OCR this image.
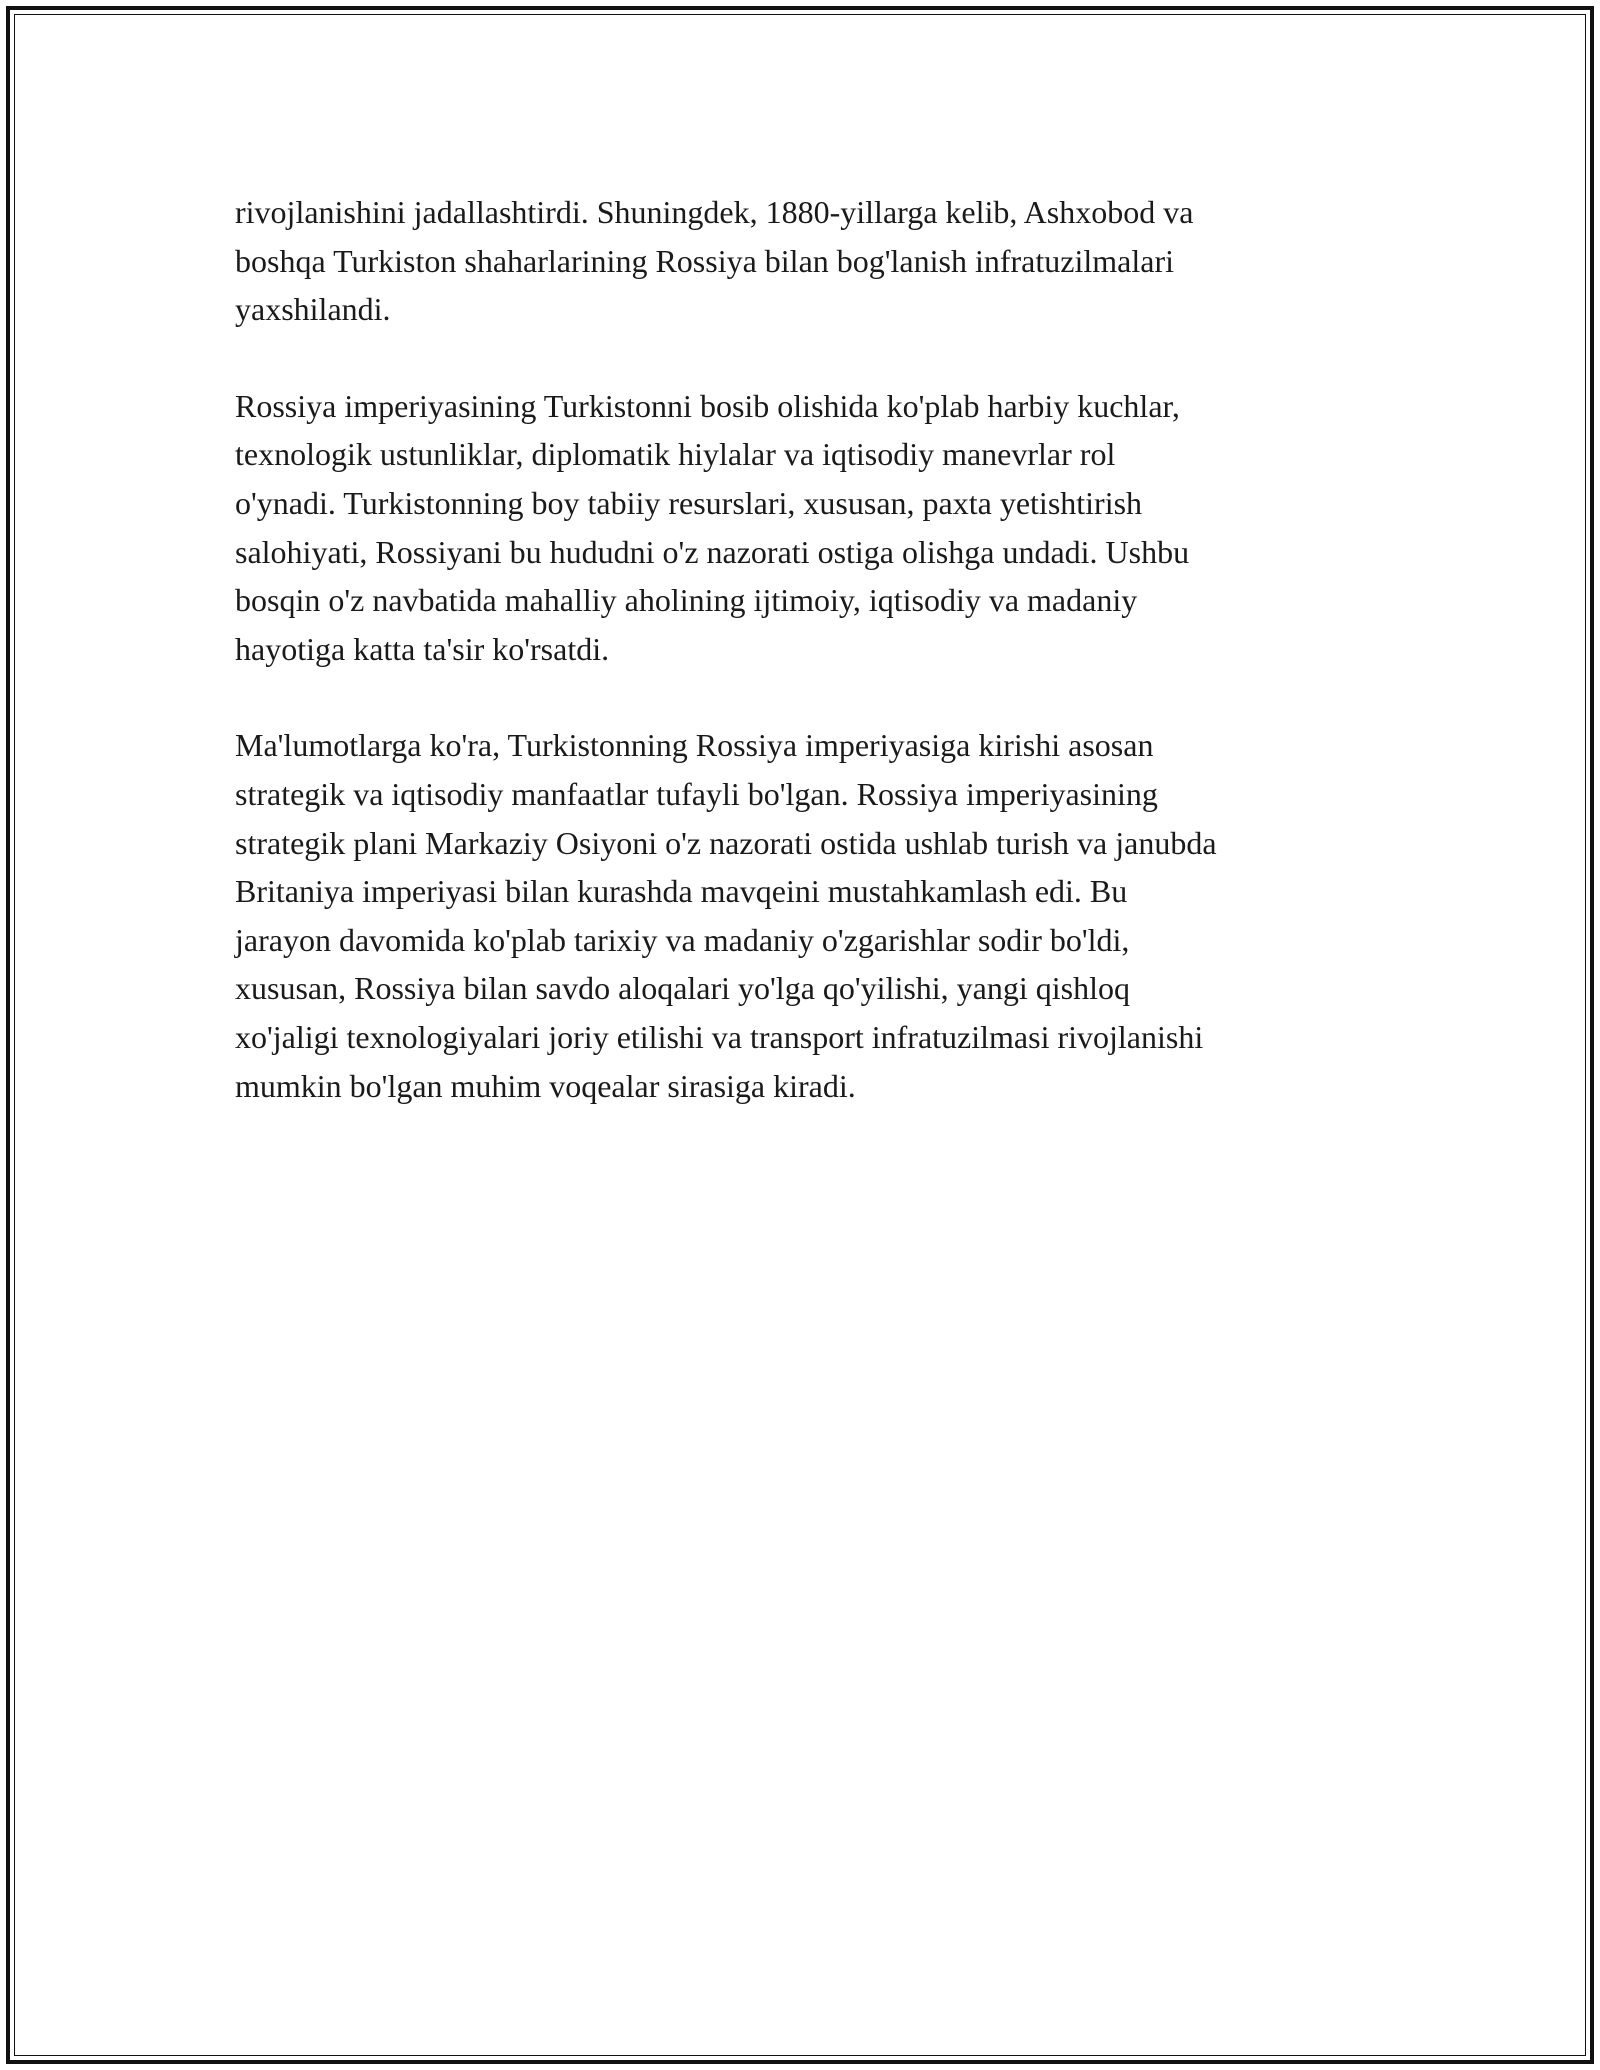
rivojlanishini jadallashtirdi. Shuningdek, 1880-yillarga kelib, Ashxobod va
boshqa Turkiston shaharlarining Rossiya bilan bog'lanish infratuzilmalari
yaxshilandi.

Rossiya imperiyasining Turkistonni bosib olishida ko'plab harbiy kuchlar,
texnologik ustunliklar, diplomatik hiylalar va iqtisodiy manevrlar rol
o'ynadi. Turkistonning boy tabiiy resurslari, xususan, paxta yetishtirish
salohiyati, Rossiyani bu hududni o'z nazorati ostiga olishga undadi. Ushbu
bosqin o'z navbatida mahalliy aholining ijtimoiy, iqtisodiy va madaniy
hayotiga katta ta'sir ko'rsatdi.

Ma'lumotlarga ko'ra, Turkistonning Rossiya imperiyasiga kirishi asosan
strategik va iqtisodiy manfaatlar tufayli bo'lgan. Rossiya imperiyasining
strategik plani Markaziy Osiyoni o'z nazorati ostida ushlab turish va janubda
Britaniya imperiyasi bilan kurashda mavqeini mustahkamlash edi. Bu
jarayon davomida ko'plab tarixiy va madaniy o'zgarishlar sodir bo'ldi,
xususan, Rossiya bilan savdo aloqalari yo'lga qo'yilishi, yangi qishloq
xo'jaligi texnologiyalari joriy etilishi va transport infratuzilmasi rivojlanishi
mumkin bo'lgan muhim voqealar sirasiga kiradi.
